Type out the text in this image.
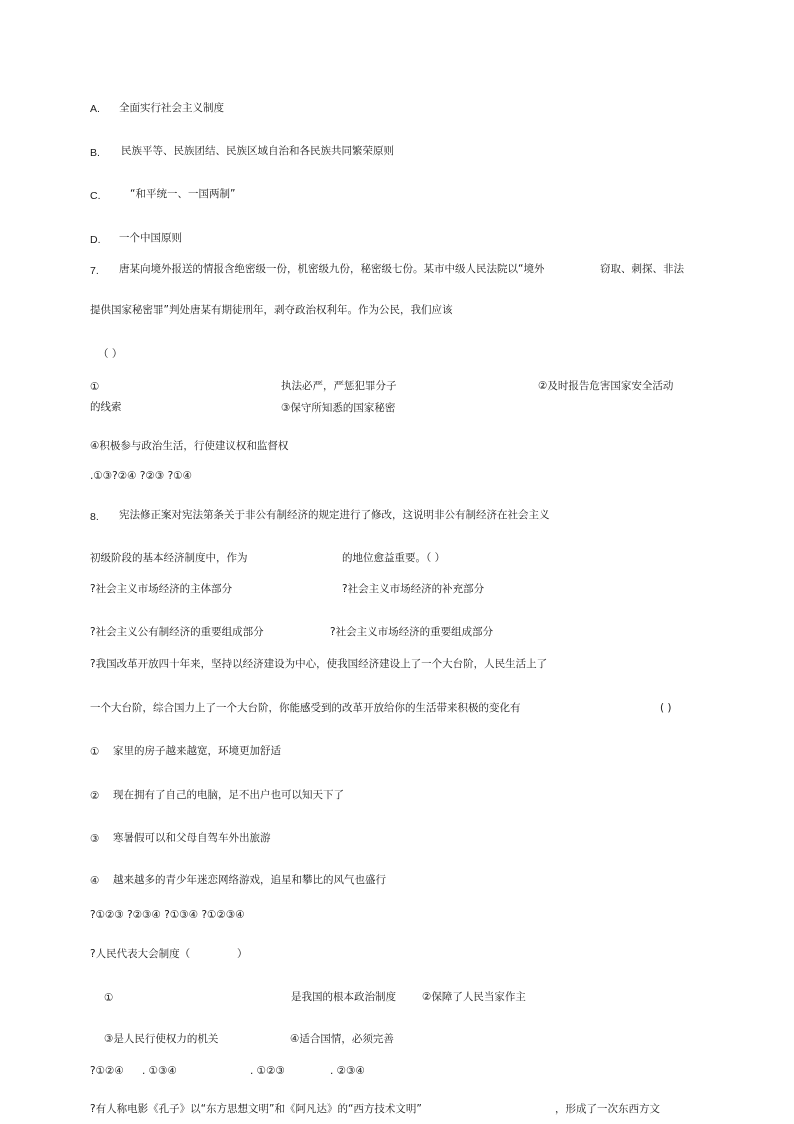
A. 全面实行社会主义制度
B. 民族平等、民族团结、民族区域自治和各民族共同繁荣原则
C.	“和平统一、一国两制”
D. 一个中国原则
7. 唐某向境外报送的情报含绝密级一份，机密级九份，秘密级七份。某市中级人民法院以“境外	窃取、刺探、非法
提供国家秘密罪”判处唐某有期徒刑年，剥夺政治权利年。作为公民，我们应该
（ ）
①	执法必严，严惩犯罪分子	②及时报告危害国家安全活动
的线索	③保守所知悉的国家秘密
④积极参与政治生活，行使建议权和监督权
.①③?②④ ?②③ ?①④
8. 宪法修正案对宪法第条关于非公有制经济的规定进行了修改，这说明非公有制经济在社会主义
初级阶段的基本经济制度中，作为	的地位愈益重要。（ ）
?社会主义市场经济的主体部分	?社会主义市场经济的补充部分
?社会主义公有制经济的重要组成部分	?社会主义市场经济的重要组成部分
?我国改革开放四十年来，坚持以经济建设为中心，使我国经济建设上了一个大台阶，人民生活上了
一个大台阶，综合国力上了一个大台阶，你能感受到的改革开放给你的生活带来积极的变化有	( )
① 家里的房子越来越宽，环境更加舒适
② 现在拥有了自己的电脑，足不出户也可以知天下了
③ 寒暑假可以和父母自驾车外出旅游
④ 越来越多的青少年迷恋网络游戏，追星和攀比的风气也盛行
?①②③ ?②③④ ?①③④ ?①②③④
?人民代表大会制度（	）
①	是我国的根本政治制度 ②保障了人民当家作主
③是人民行使权力的机关	④适合国情，必须完善
?①②④ . ①③④	. ①②③	. ②③④
?有人称电影《孔子》以“东方思想文明”和《阿凡达》的“西方技术文明”	，形成了一次东西方文
